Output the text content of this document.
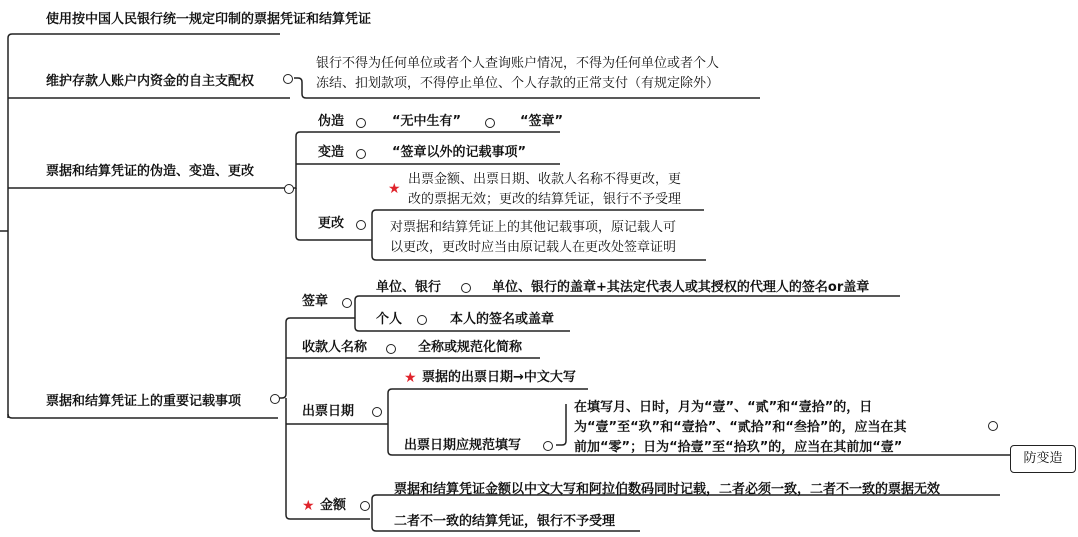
使用按中国人民银行统一规定印制的票据凭证和结算凭证
维护存款人账户内资金的自主支配权
票据和结算凭证的伪造、变造、更改
票据和结算凭证上的重要记载事项
银行不得为任何单位或者个人查询账户情况，不得为任何单位或者个人
冻结、扣划款项，不得停止单位、个人存款的正常支付（有规定除外）
伪造	“无中生有”	“签章”
变造	“签章以外的记载事项”
更改
★
出票金额、出票日期、收款人名称不得更改，更
改的票据无效；更改的结算凭证，银行不予受理
对票据和结算凭证上的其他记载事项，原记载人可
以更改，更改时应当由原记载人在更改处签章证明
签章
单位、银行	单位、银行的盖章+其法定代表人或其授权的代理人的签名or盖章
个人	本人的签名或盖章
收款人名称	全称或规范化简称
出票日期
★ 票据的出票日期→中文大写
出票日期应规范填写
在填写月、日时，月为“壹”、“贰”和“壹拾”的，日
为“壹”至“玖”和“壹拾”、“贰拾”和“叁拾”的，应当在其
前加“零”；日为“拾壹”至“拾玖”的，应当在其前加“壹”
防变造
★ 金额
票据和结算凭证金额以中文大写和阿拉伯数码同时记载，二者必须一致，二者不一致的票据无效
二者不一致的结算凭证，银行不予受理
